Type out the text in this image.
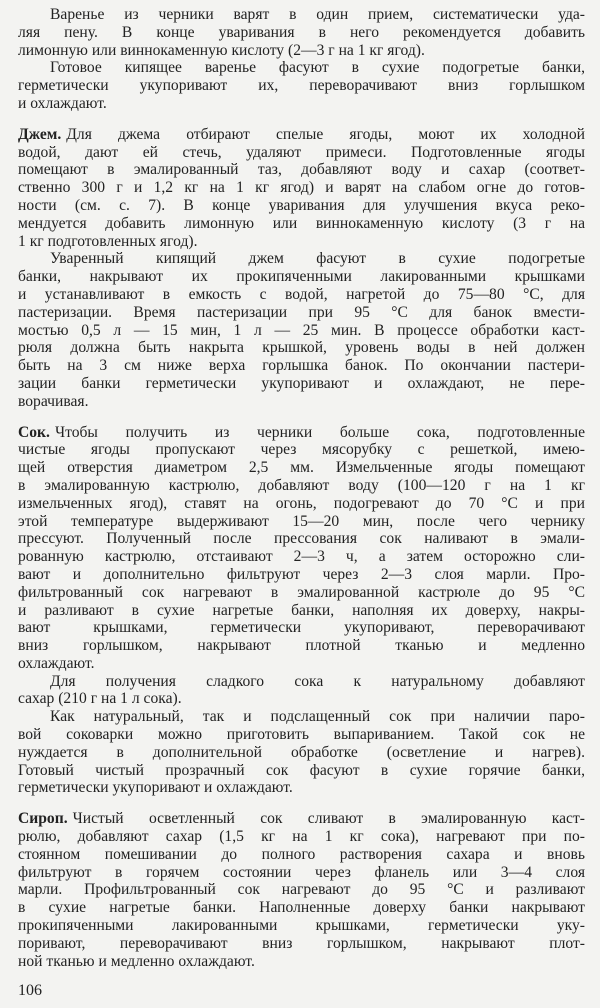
Варенье из черники варят в один прием, систематически уда-
ляя пену. В конце уваривания в него рекомендуется добавить
лимонную или виннокаменную кислоту (2—3 г на 1 кг ягод).
Готовое кипящее варенье фасуют в сухие подогретые банки,
герметически укупоривают их, переворачивают вниз горлышком
и охлаждают.
Джем. Для джема отбирают спелые ягоды, моют их холодной
водой, дают ей стечь, удаляют примеси. Подготовленные ягоды
помещают в эмалированный таз, добавляют воду и сахар (соответ-
ственно 300 г и 1,2 кг на 1 кг ягод) и варят на слабом огне до готов-
ности (см. с. 7). В конце уваривания для улучшения вкуса реко-
мендуется добавить лимонную или виннокаменную кислоту (3 г на
1 кг подготовленных ягод).
Уваренный кипящий джем фасуют в сухие подогретые
банки, накрывают их прокипяченными лакированными крышками
и устанавливают в емкость с водой, нагретой до 75—80 °С, для
пастеризации. Время пастеризации при 95 °С для банок вмести-
мостью 0,5 л — 15 мин, 1 л — 25 мин. В процессе обработки каст-
рюля должна быть накрыта крышкой, уровень воды в ней должен
быть на 3 см ниже верха горлышка банок. По окончании пастери-
зации банки герметически укупоривают и охлаждают, не пере-
ворачивая.
Сок. Чтобы получить из черники больше сока, подготовленные
чистые ягоды пропускают через мясорубку с решеткой, имею-
щей отверстия диаметром 2,5 мм. Измельченные ягоды помещают
в эмалированную кастрюлю, добавляют воду (100—120 г на 1 кг
измельченных ягод), ставят на огонь, подогревают до 70 °С и при
этой температуре выдерживают 15—20 мин, после чего чернику
прессуют. Полученный после прессования сок наливают в эмали-
рованную кастрюлю, отстаивают 2—3 ч, а затем осторожно сли-
вают и дополнительно фильтруют через 2—3 слоя марли. Про-
фильтрованный сок нагревают в эмалированной кастрюле до 95 °С
и разливают в сухие нагретые банки, наполняя их доверху, накры-
вают крышками, герметически укупоривают, переворачивают
вниз горлышком, накрывают плотной тканью и медленно
охлаждают.
Для получения сладкого сока к натуральному добавляют
сахар (210 г на 1 л сока).
Как натуральный, так и подслащенный сок при наличии паро-
вой соковарки можно приготовить выпариванием. Такой сок не
нуждается в дополнительной обработке (осветление и нагрев).
Готовый чистый прозрачный сок фасуют в сухие горячие банки,
герметически укупоривают и охлаждают.
Сироп. Чистый осветленный сок сливают в эмалированную каст-
рюлю, добавляют сахар (1,5 кг на 1 кг сока), нагревают при по-
стоянном помешивании до полного растворения сахара и вновь
фильтруют в горячем состоянии через фланель или 3—4 слоя
марли. Профильтрованный сок нагревают до 95 °С и разливают
в сухие нагретые банки. Наполненные доверху банки накрывают
прокипяченными лакированными крышками, герметически уку-
поривают, переворачивают вниз горлышком, накрывают плот-
ной тканью и медленно охлаждают.
106
